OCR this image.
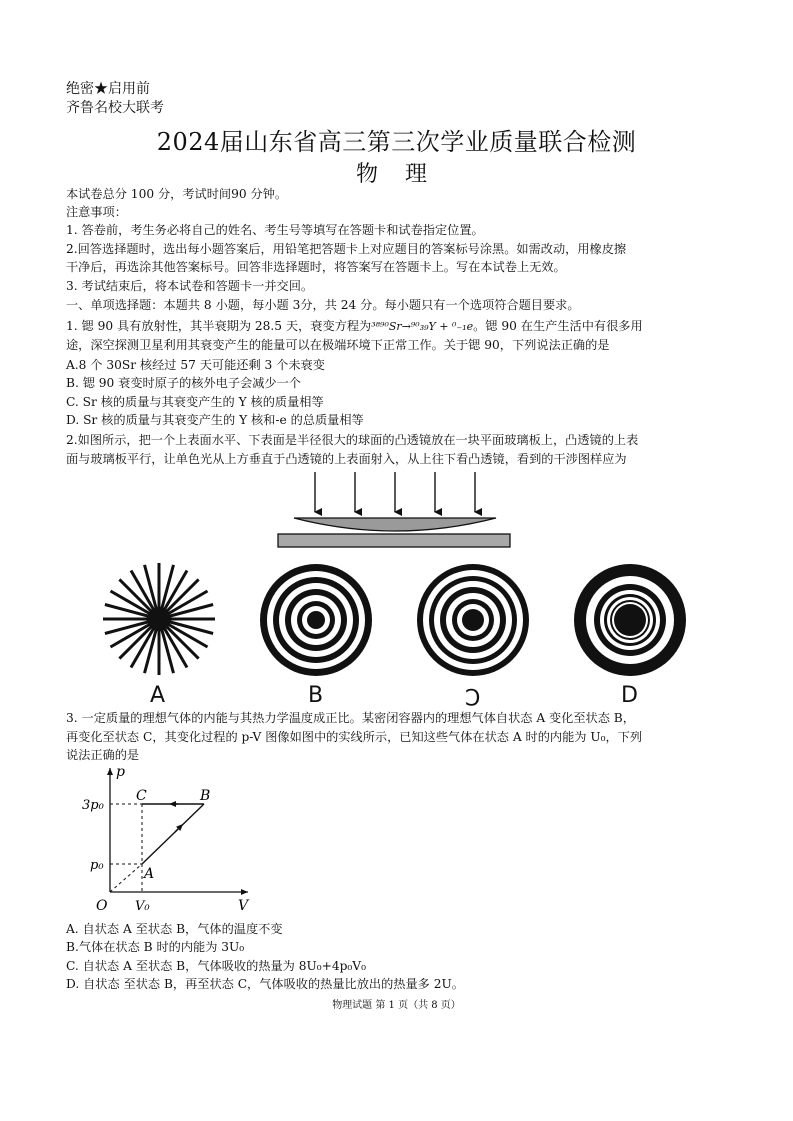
绝密★启用前
齐鲁名校大联考
2024届山东省高三第三次学业质量联合检测
物 理
本试卷总分 100 分，考试时间90 分钟。
注意事项：
1. 答卷前，考生务必将自己的姓名、考生号等填写在答题卡和试卷指定位置。
2.回答选择题时，选出每小题答案后，用铅笔把答题卡上对应题目的答案标号涂黑。如需改动，用橡皮擦
干净后，再选涂其他答案标号。回答非选择题时，将答案写在答题卡上。写在本试卷上无效。
3. 考试结束后，将本试卷和答题卡一并交回。
一、单项选择题：本题共 8 小题，每小题 3分，共 24 分。每小题只有一个选项符合题目要求。
1. 锶 90 具有放射性，其半衰期为 28.5 天，衰变方程为³⁸⁹⁰Sr→⁹⁰₃₉Y + ⁰₋₁e。锶 90 在生产生活中有很多用
途，深空探测卫星利用其衰变产生的能量可以在极端环境下正常工作。关于锶 90，下列说法正确的是
A.8 个 30Sr 核经过 57 天可能还剩 3 个未衰变
B. 锶 90 衰变时原子的核外电子会减少一个
C. Sr 核的质量与其衰变产生的 Y 核的质量相等
D. Sr 核的质量与其衰变产生的 Y 核和-e 的总质量相等
2.如图所示，把一个上表面水平、下表面是半径很大的球面的凸透镜放在一块平面玻璃板上，凸透镜的上表
面与玻璃板平行，让单色光从上方垂直于凸透镜的上表面射入，从上往下看凸透镜，看到的干涉图样应为
A	B	C	D
3. 一定质量的理想气体的内能与其热力学温度成正比。某密闭容器内的理想气体自状态 A 变化至状态 B，
再变化至状态 C，其变化过程的 p-V 图像如图中的实线所示，已知这些气体在状态 A 时的内能为 U₀，下列
说法正确的是
p
V
O
3p₀
p₀
V₀
A
B
C
A. 自状态 A 至状态 B，气体的温度不变
B.气体在状态 B 时的内能为 3U₀
C. 自状态 A 至状态 B，气体吸收的热量为 8U₀+4p₀V₀
D. 自状态 至状态 B，再至状态 C，气体吸收的热量比放出的热量多 2U。
物理试题 第 1 页（共 8 页）
